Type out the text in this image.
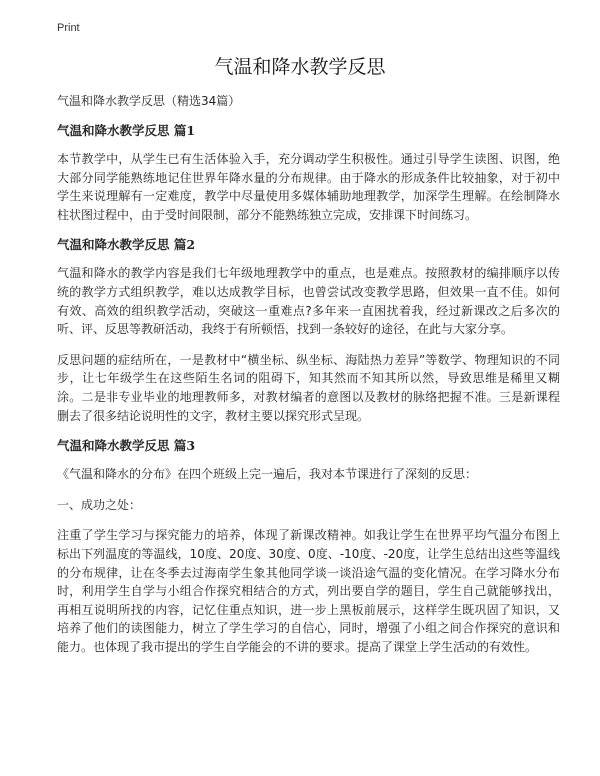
Print
气温和降水教学反思

气温和降水教学反思（精选34篇）

气温和降水教学反思 篇1

本节教学中，从学生已有生活体验入手，充分调动学生积极性。通过引导学生读图、识图，绝大部分同学能熟练地记住世界年降水量的分布规律。由于降水的形成条件比较抽象，对于初中学生来说理解有一定难度，教学中尽量使用多媒体辅助地理教学，加深学生理解。在绘制降水柱状图过程中，由于受时间限制，部分不能熟练独立完成，安排课下时间练习。

气温和降水教学反思 篇2

气温和降水的教学内容是我们七年级地理教学中的重点，也是难点。按照教材的编排顺序以传统的教学方式组织教学，难以达成教学目标，也曾尝试改变教学思路，但效果一直不佳。如何有效、高效的组织教学活动，突破这一重难点?多年来一直困扰着我，经过新课改之后多次的听、评、反思等教研活动，我终于有所顿悟，找到一条较好的途径，在此与大家分享。

反思问题的症结所在，一是教材中“横坐标、纵坐标、海陆热力差异”等数学、物理知识的不同步，让七年级学生在这些陌生名词的阻碍下，知其然而不知其所以然，导致思维是稀里又糊涂。二是非专业毕业的地理教师多，对教材编者的意图以及教材的脉络把握不准。三是新课程删去了很多结论说明性的文字，教材主要以探究形式呈现。

气温和降水教学反思 篇3

《气温和降水的分布》在四个班级上完一遍后，我对本节课进行了深刻的反思：

一、成功之处：

注重了学生学习与探究能力的培养，体现了新课改精神。如我让学生在世界平均气温分布图上标出下列温度的等温线，10度、20度、30度、0度、-10度、-20度，让学生总结出这些等温线的分布规律，让在冬季去过海南学生象其他同学谈一谈沿途气温的变化情况。在学习降水分布时，利用学生自学与小组合作探究相结合的方式，列出要自学的题目，学生自己就能够找出，再相互说明所找的内容，记忆住重点知识，进一步上黑板前展示，这样学生既巩固了知识，又培养了他们的读图能力，树立了学生学习的自信心，同时，增强了小组之间合作探究的意识和能力。也体现了我市提出的学生自学能会的不讲的要求。提高了课堂上学生活动的有效性。
